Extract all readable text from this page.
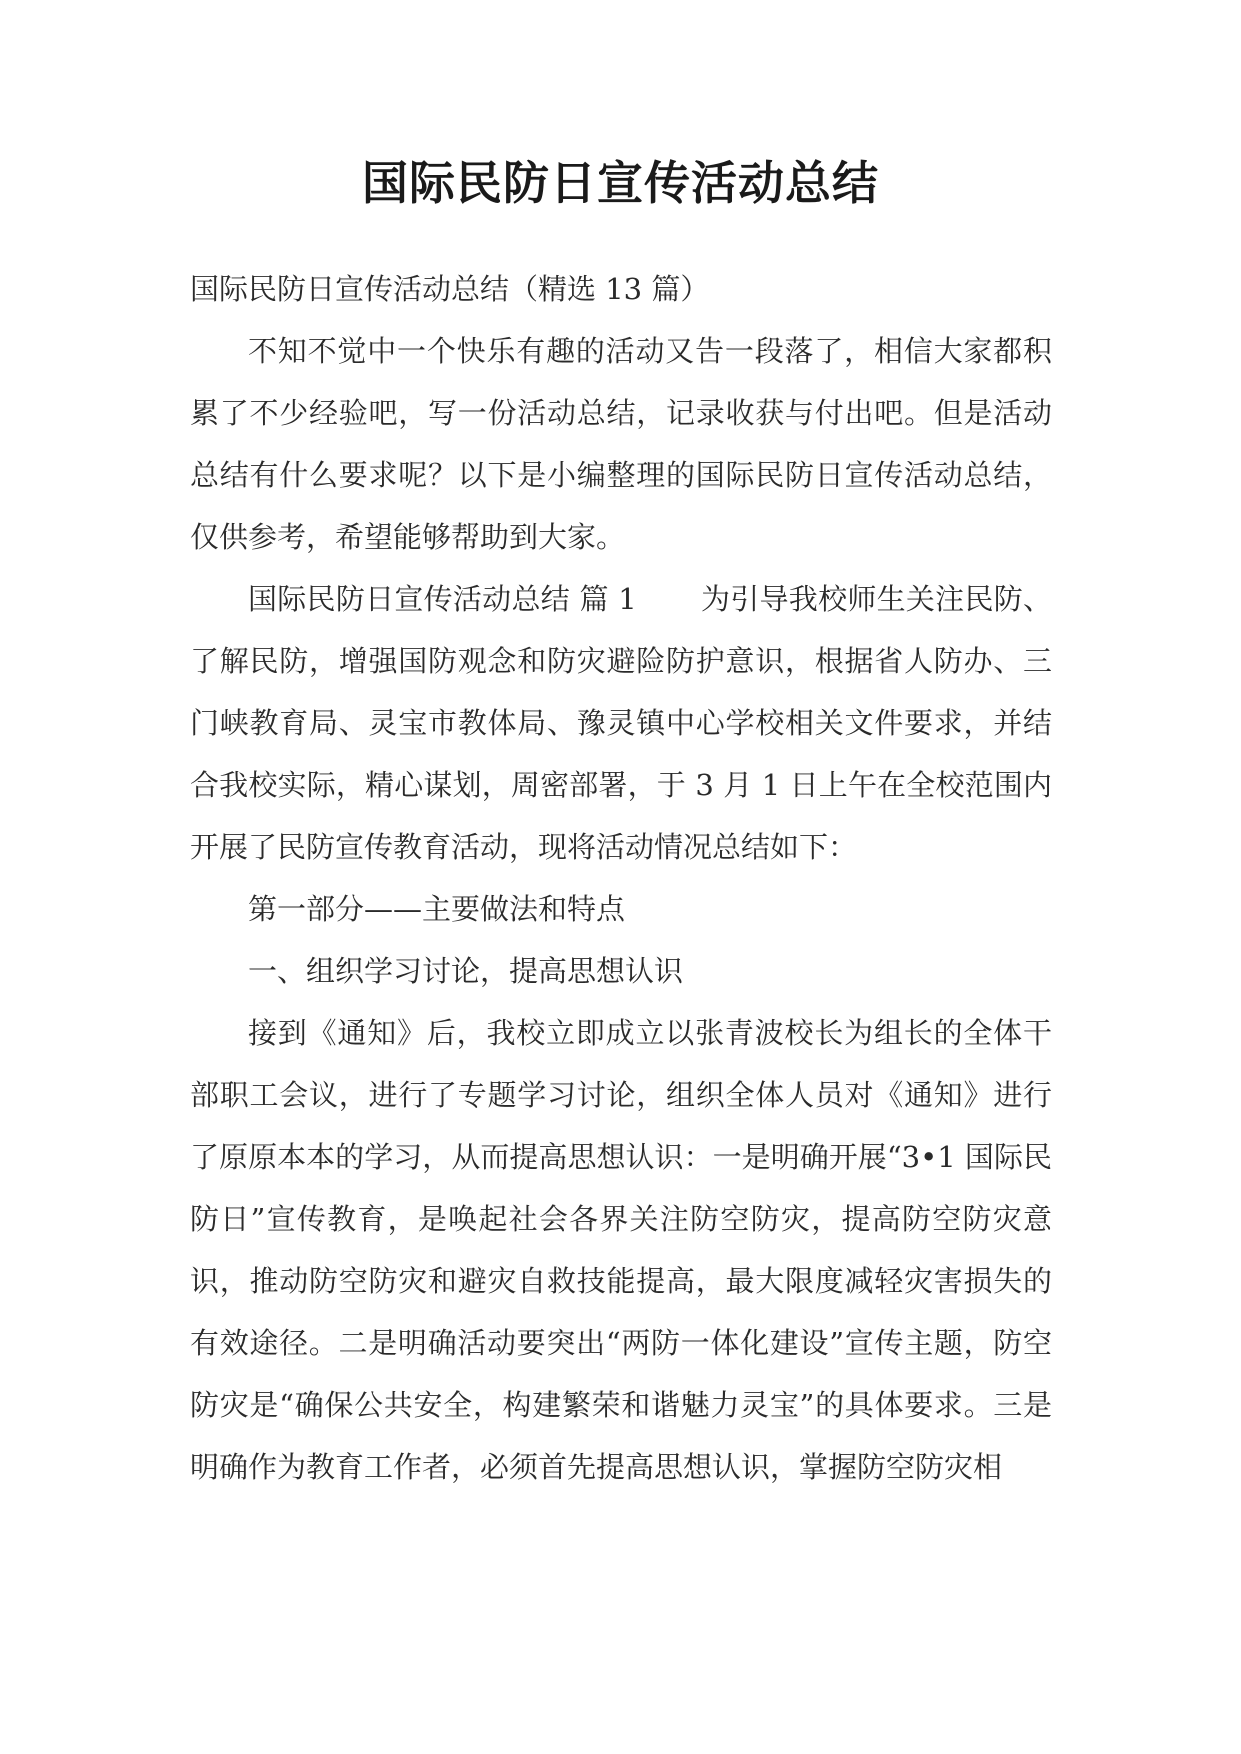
国际民防日宣传活动总结

国际民防日宣传活动总结（精选 13 篇）

不知不觉中一个快乐有趣的活动又告一段落了，相信大家都积累了不少经验吧，写一份活动总结，记录收获与付出吧。但是活动总结有什么要求呢？以下是小编整理的国际民防日宣传活动总结，仅供参考，希望能够帮助到大家。

国际民防日宣传活动总结 篇 1 为引导我校师生关注民防、了解民防，增强国防观念和防灾避险防护意识，根据省人防办、三门峡教育局、灵宝市教体局、豫灵镇中心学校相关文件要求，并结合我校实际，精心谋划，周密部署，于 3 月 1 日上午在全校范围内开展了民防宣传教育活动，现将活动情况总结如下：

第一部分——主要做法和特点

一、组织学习讨论，提高思想认识

接到《通知》后，我校立即成立以张青波校长为组长的全体干部职工会议，进行了专题学习讨论，组织全体人员对《通知》进行了原原本本的学习，从而提高思想认识：一是明确开展“3•1 国际民防日”宣传教育，是唤起社会各界关注防空防灾，提高防空防灾意识，推动防空防灾和避灾自救技能提高，最大限度减轻灾害损失的有效途径。二是明确活动要突出“两防一体化建设”宣传主题，防空防灾是“确保公共安全，构建繁荣和谐魅力灵宝”的具体要求。三是明确作为教育工作者，必须首先提高思想认识，掌握防空防灾相
